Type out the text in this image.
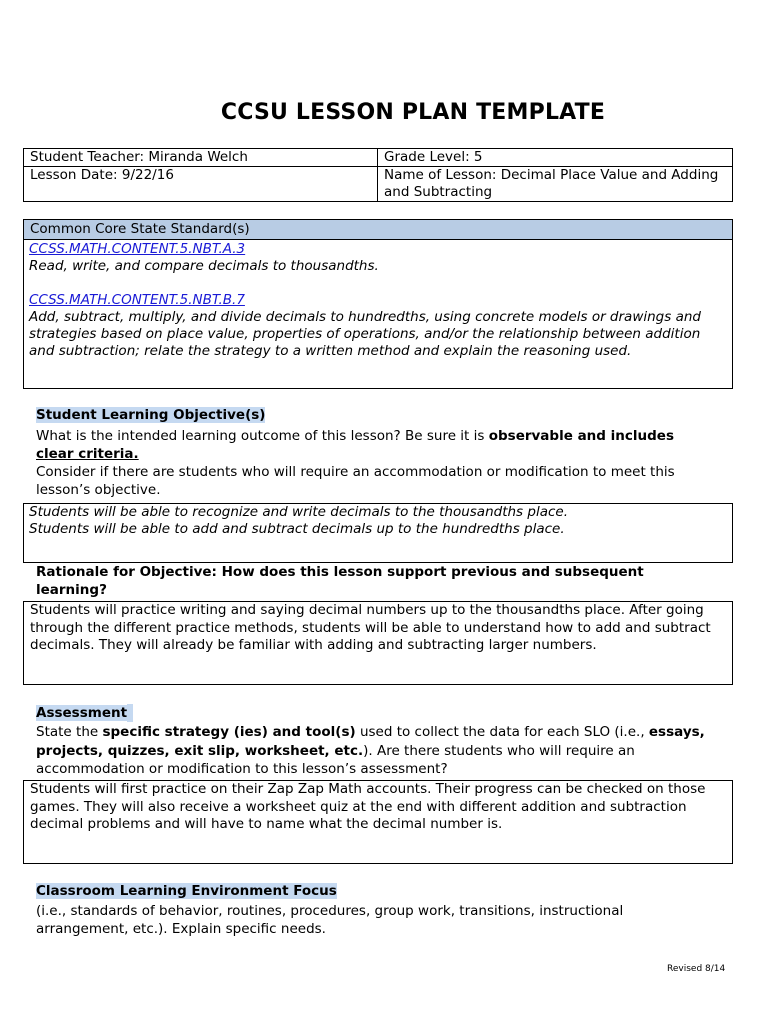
CCSU LESSON PLAN TEMPLATE
Student Teacher: Miranda Welch	Grade Level: 5
Lesson Date: 9/22/16	Name of Lesson: Decimal Place Value and Adding and Subtracting
Common Core State Standard(s)
CCSS.MATH.CONTENT.5.NBT.A.3
Read, write, and compare decimals to thousandths.
CCSS.MATH.CONTENT.5.NBT.B.7
Add, subtract, multiply, and divide decimals to hundredths, using concrete models or drawings and strategies based on place value, properties of operations, and/or the relationship between addition and subtraction; relate the strategy to a written method and explain the reasoning used.
Student Learning Objective(s)
What is the intended learning outcome of this lesson? Be sure it is observable and includes
clear criteria.
Consider if there are students who will require an accommodation or modification to meet this lesson’s objective.
Students will be able to recognize and write decimals to the thousandths place.
Students will be able to add and subtract decimals up to the hundredths place.
Rationale for Objective: How does this lesson support previous and subsequent learning?
Students will practice writing and saying decimal numbers up to the thousandths place. After going through the different practice methods, students will be able to understand how to add and subtract decimals. They will already be familiar with adding and subtracting larger numbers.
Assessment
State the specific strategy (ies) and tool(s) used to collect the data for each SLO (i.e., essays, projects, quizzes, exit slip, worksheet, etc.). Are there students who will require an accommodation or modification to this lesson’s assessment?
Students will first practice on their Zap Zap Math accounts. Their progress can be checked on those games. They will also receive a worksheet quiz at the end with different addition and subtraction decimal problems and will have to name what the decimal number is.
Classroom Learning Environment Focus
(i.e., standards of behavior, routines, procedures, group work, transitions, instructional arrangement, etc.). Explain specific needs.
Revised 8/14
